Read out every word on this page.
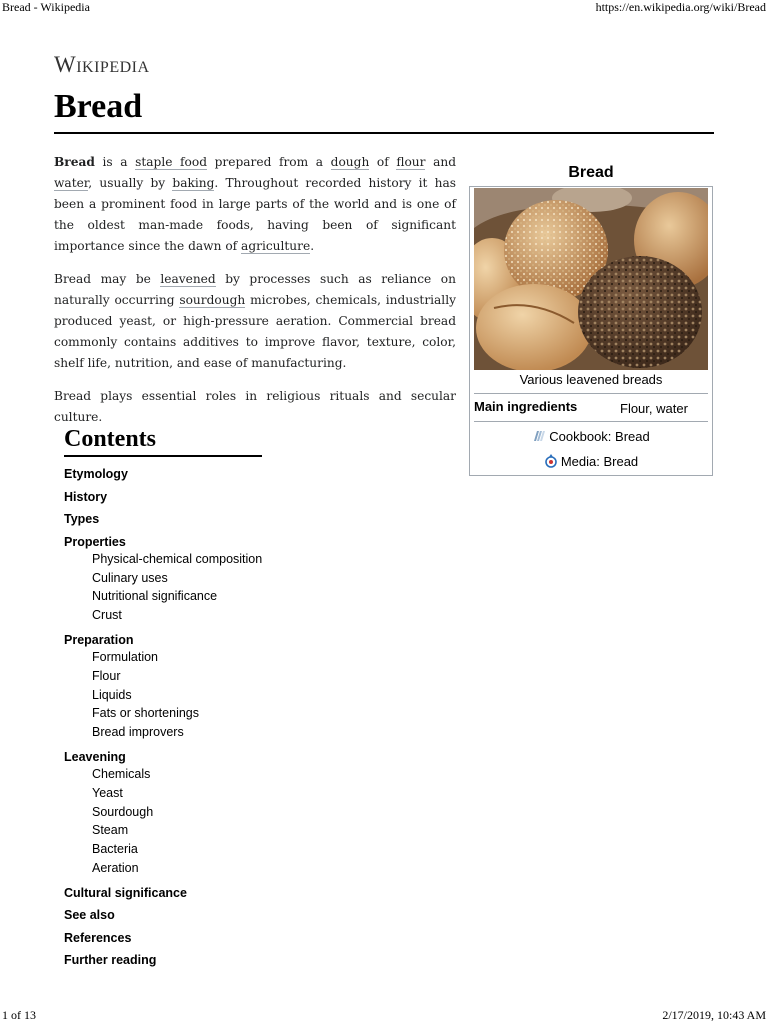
Bread - Wikipedia	https://en.wikipedia.org/wiki/Bread
Wikipedia
Bread

Bread is a staple food prepared from a dough of flour and water, usually by baking. Throughout recorded history it has been a prominent food in large parts of the world and is one of the oldest man-made foods, having been of significant importance since the dawn of agriculture.

Bread may be leavened by processes such as reliance on naturally occurring sourdough microbes, chemicals, industrially produced yeast, or high-pressure aeration. Commercial bread commonly contains additives to improve flavor, texture, color, shelf life, nutrition, and ease of manufacturing.

Bread plays essential roles in religious rituals and secular culture.

Bread
Various leavened breads
Main ingredients	Flour, water
Cookbook: Bread
Media: Bread
Contents
Etymology
History
Types
Properties
Physical-chemical composition
Culinary uses
Nutritional significance
Crust
Preparation
Formulation
Flour
Liquids
Fats or shortenings
Bread improvers
Leavening
Chemicals
Yeast
Sourdough
Steam
Bacteria
Aeration
Cultural significance
See also
References
Further reading
1 of 13	2/17/2019, 10:43 AM
